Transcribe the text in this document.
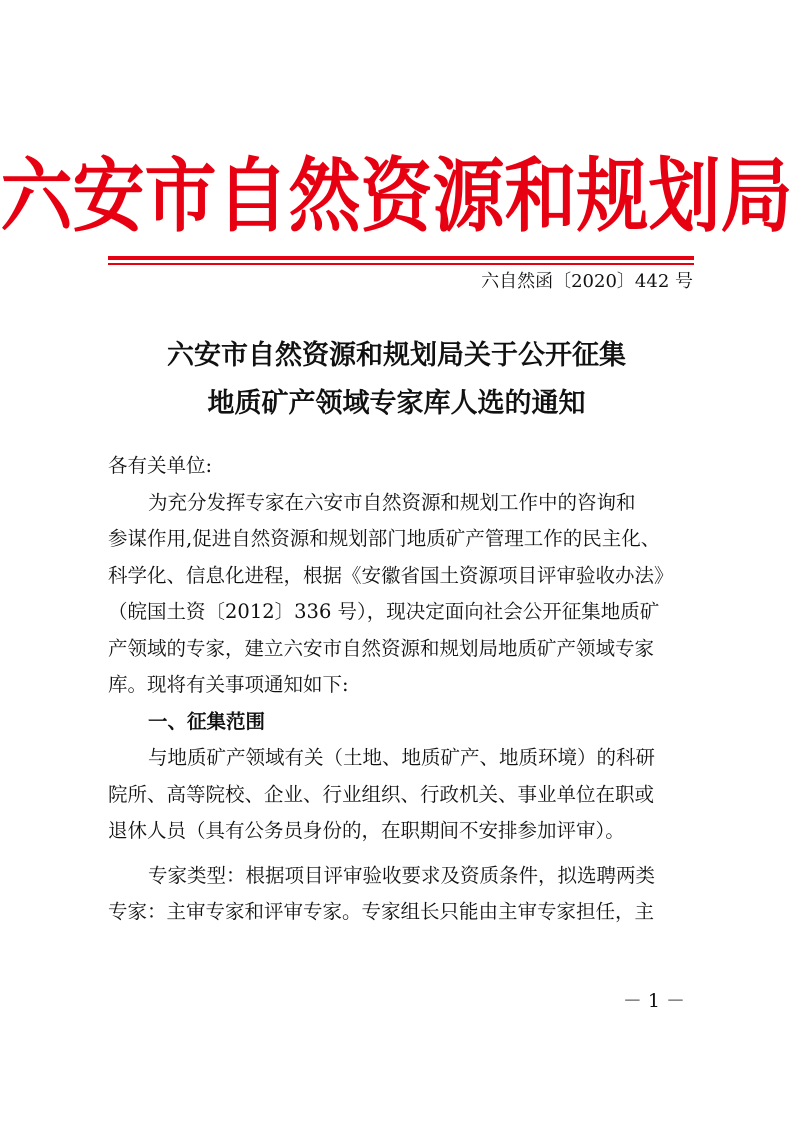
六安市自然资源和规划局
六自然函〔2020〕442 号
六安市自然资源和规划局关于公开征集
地质矿产领域专家库人选的通知
各有关单位:
为充分发挥专家在六安市自然资源和规划工作中的咨询和
参谋作用,促进自然资源和规划部门地质矿产管理工作的民主化、
科学化、信息化进程，根据《安徽省国土资源项目评审验收办法》
（皖国土资〔2012〕336 号），现决定面向社会公开征集地质矿
产领域的专家，建立六安市自然资源和规划局地质矿产领域专家
库。现将有关事项通知如下:
一、征集范围
与地质矿产领域有关（土地、地质矿产、地质环境）的科研
院所、高等院校、企业、行业组织、行政机关、事业单位在职或
退休人员（具有公务员身份的，在职期间不安排参加评审）。
专家类型：根据项目评审验收要求及资质条件，拟选聘两类
专家：主审专家和评审专家。专家组长只能由主审专家担任，主
－ 1 －
